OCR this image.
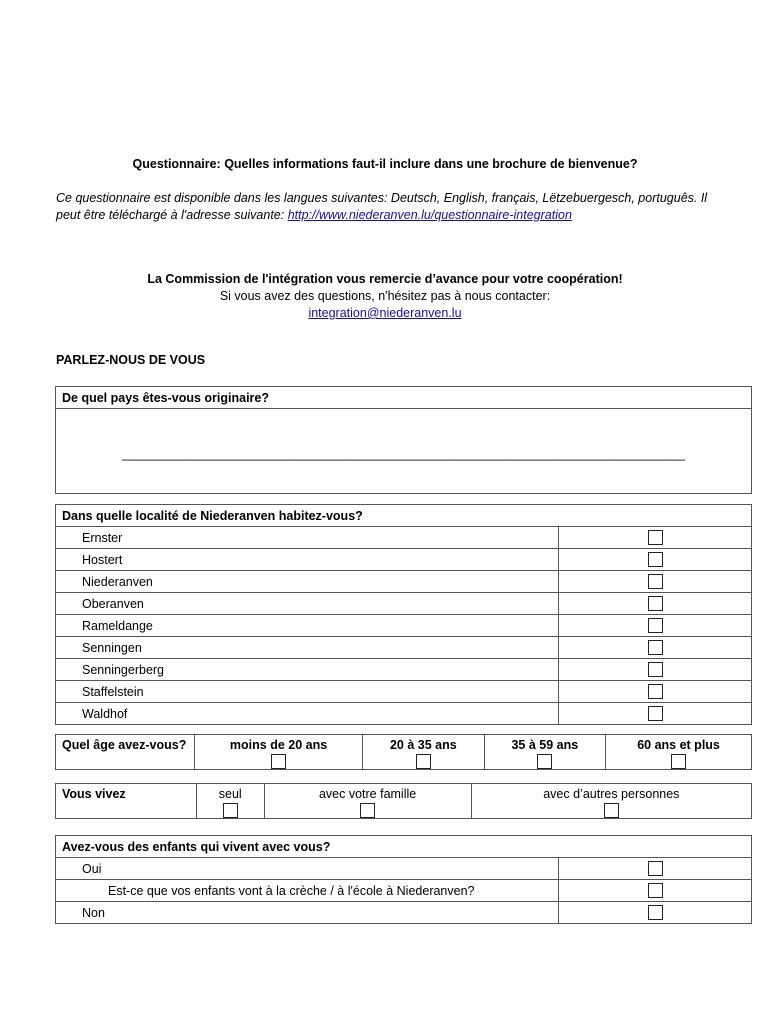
Questionnaire: Quelles informations faut-il inclure dans une brochure de bienvenue?
Ce questionnaire est disponible dans les langues suivantes: Deutsch, English, français, Lëtzebuergesch, português. Il peut être téléchargé à l'adresse suivante: http://www.niederanven.lu/questionnaire-integration
La Commission de l'intégration vous remercie d’avance pour votre coopération!
Si vous avez des questions, n'hésitez pas à nous contacter:
integration@niederanven.lu
PARLEZ-NOUS DE VOUS
De quel pays êtes-vous originaire?
_________________________________________________________________________________
Dans quelle localité de Niederanven habitez-vous?	
Ernster	
Hostert	
Niederanven	
Oberanven	
Rameldange	
Senningen	
Senningerberg	
Staffelstein	
Waldhof	
Quel âge avez-vous?	moins de 20 ans	20 à 35 ans	35 à 59 ans	60 ans et plus
Vous vivez	seul	avec votre famille	avec d’autres personnes
Avez-vous des enfants qui vivent avec vous?	
Oui	
Est-ce que vos enfants vont à la crèche / à l'école à Niederanven?	
Non	
